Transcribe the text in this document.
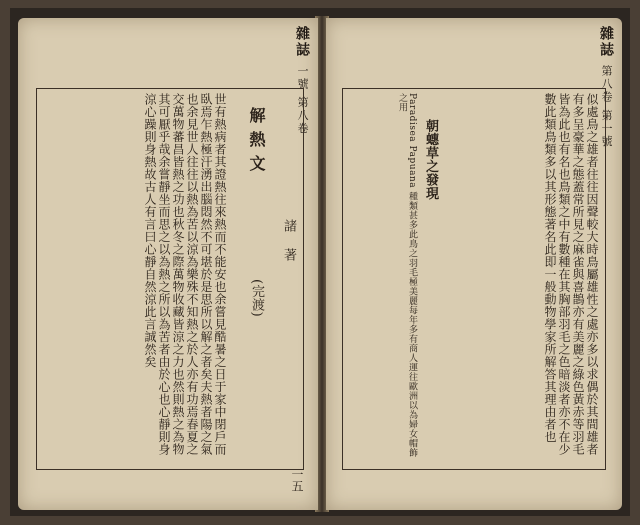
雜誌 一號 第八卷
解熱文
諸 著
(完渡)
世有熱病者其證熱往來熱而不能安也余嘗見酷暑之日于家中閉戶而臥焉乍熱極汗湧出腦悶然不可堪於是思所以解之者矣夫熱者陽之氣也余見世人往往以熱為苦以涼為樂殊不知熱之於人亦有功焉春夏之交萬物蕃昌皆熱之功也秋冬之際萬物收藏皆涼之力也然則熱之為物其可厭乎哉余嘗靜坐而思之以為熱之所以為苦者由於心也心靜則身涼心躁則身熱故古人有言曰心靜自然涼此言誠然矣
一五
雜誌 第八卷 第一號
似處鳥之雄者往往因聲較大時鳥屬雄性之處亦多以求偶於其間雄者有多呈豪華之態蓋常所見之麻雀與喜鵲亦有美麗之綠色黃赤等羽毛皆為此也有名也鳥類之中有數種在其胸部羽毛之色暗淡者亦不在少數此類鳥類多以其形態著名此即一般動物學家所解答其理由者也
朝蟪草之發現
Paradisea Papuana 種類甚多此鳥之羽毛極美麗每年多有商人運往歐洲以為婦女帽飾之用
